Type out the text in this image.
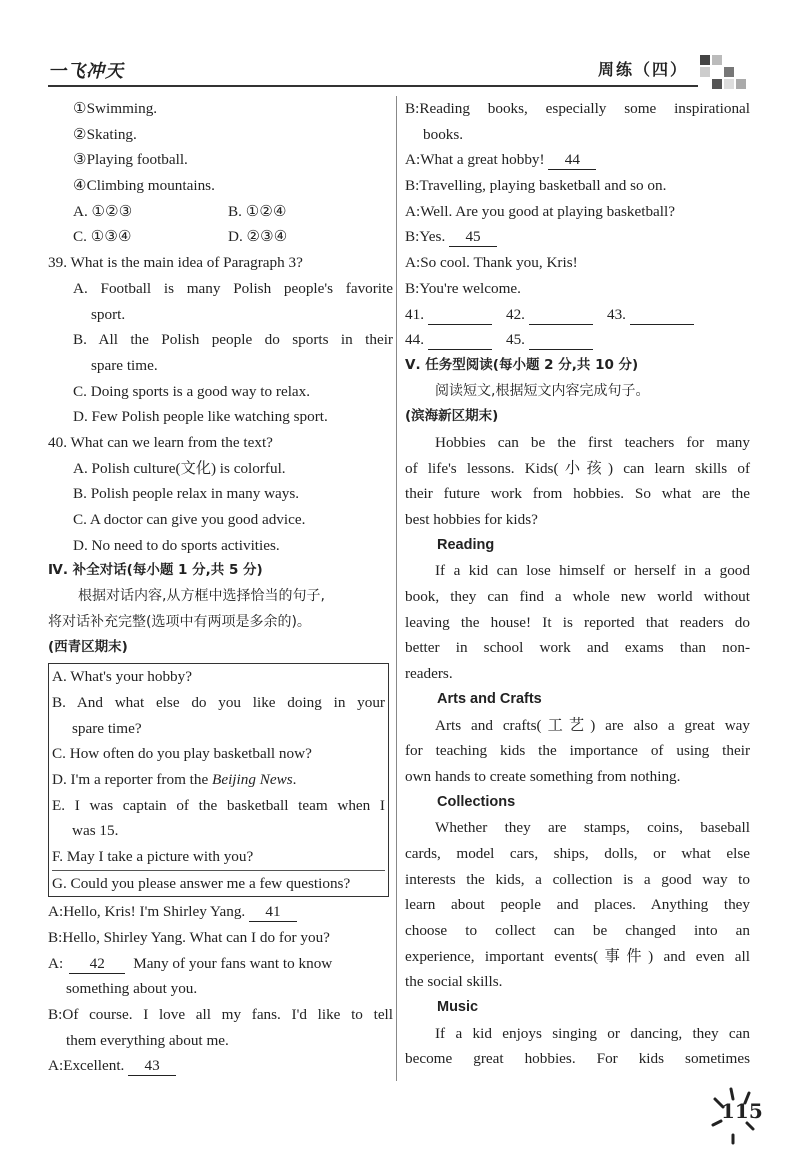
一飞冲天	周练（四）
①Swimming.
②Skating.
③Playing football.
④Climbing mountains.
A. ①②③	B. ①②④
C. ①③④	D. ②③④
39. What is the main idea of Paragraph 3?
A. Football is many Polish people's favorite
sport.
B. All the Polish people do sports in their
spare time.
C. Doing sports is a good way to relax.
D. Few Polish people like watching sport.
40. What can we learn from the text?
A. Polish culture(文化) is colorful.
B. Polish people relax in many ways.
C. A doctor can give you good advice.
D. No need to do sports activities.
Ⅳ. 补全对话(每小题 1 分,共 5 分)
根据对话内容,从方框中选择恰当的句子,
将对话补充完整(选项中有两项是多余的)。
(西青区期末)
A. What's your hobby?
B. And what else do you like doing in your
spare time?
C. How often do you play basketball now?
D. I'm a reporter from the Beijing News.
E. I was captain of the basketball team when I
was 15.
F. May I take a picture with you?
G. Could you please answer me a few questions?
A:Hello, Kris! I'm Shirley Yang. 41
B:Hello, Shirley Yang. What can I do for you?
A: 42 Many of your fans want to know
something about you.
B:Of course. I love all my fans. I'd like to tell
them everything about me.
A:Excellent. 43
B:Reading books, especially some inspirational
books.
A:What a great hobby! 44
B:Travelling, playing basketball and so on.
A:Well. Are you good at playing basketball?
B:Yes. 45
A:So cool. Thank you, Kris!
B:You're welcome.
41.	42.	43.
44.	45.
Ⅴ. 任务型阅读(每小题 2 分,共 10 分)
阅读短文,根据短文内容完成句子。
(滨海新区期末)
Hobbies can be the first teachers for many
of life's lessons. Kids(小孩) can learn skills of
their future work from hobbies. So what are the
best hobbies for kids?
Reading
If a kid can lose himself or herself in a good
book, they can find a whole new world without
leaving the house! It is reported that readers do
better in school work and exams than non-
readers.
Arts and Crafts
Arts and crafts(工艺) are also a great way
for teaching kids the importance of using their
own hands to create something from nothing.
Collections
Whether they are stamps, coins, baseball
cards, model cars, ships, dolls, or what else
interests the kids, a collection is a good way to
learn about people and places. Anything they
choose to collect can be changed into an
experience, important events(事件) and even all
the social skills.
Music
If a kid enjoys singing or dancing, they can
become great hobbies. For kids sometimes
115
